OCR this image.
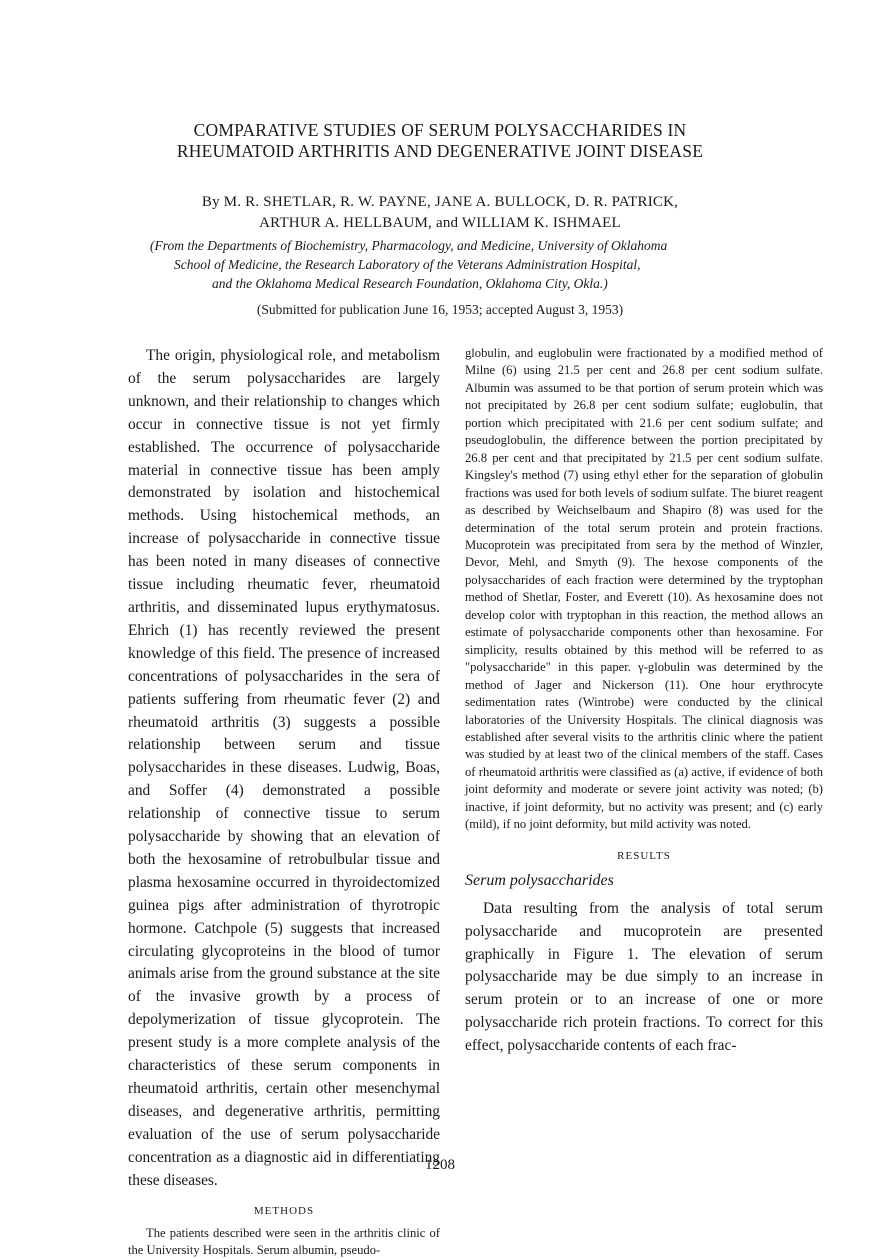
COMPARATIVE STUDIES OF SERUM POLYSACCHARIDES IN RHEUMATOID ARTHRITIS AND DEGENERATIVE JOINT DISEASE
By M. R. SHETLAR, R. W. PAYNE, JANE A. BULLOCK, D. R. PATRICK,
ARTHUR A. HELLBAUM, and WILLIAM K. ISHMAEL
(From the Departments of Biochemistry, Pharmacology, and Medicine, University of Oklahoma
School of Medicine, the Research Laboratory of the Veterans Administration Hospital,
and the Oklahoma Medical Research Foundation, Oklahoma City, Okla.)
(Submitted for publication June 16, 1953; accepted August 3, 1953)

The origin, physiological role, and metabolism of the serum polysaccharides are largely unknown, and their relationship to changes which occur in connective tissue is not yet firmly established. The occurrence of polysaccharide material in connective tissue has been amply demonstrated by isolation and histochemical methods. Using histochemical methods, an increase of polysaccharide in connective tissue has been noted in many diseases of connective tissue including rheumatic fever, rheumatoid arthritis, and disseminated lupus erythymatosus. Ehrich (1) has recently reviewed the present knowledge of this field. The presence of increased concentrations of polysaccharides in the sera of patients suffering from rheumatic fever (2) and rheumatoid arthritis (3) suggests a possible relationship between serum and tissue polysaccharides in these diseases. Ludwig, Boas, and Soffer (4) demonstrated a possible relationship of connective tissue to serum polysaccharide by showing that an elevation of both the hexosamine of retrobulbular tissue and plasma hexosamine occurred in thyroidectomized guinea pigs after administration of thyrotropic hormone. Catchpole (5) suggests that increased circulating glycoproteins in the blood of tumor animals arise from the ground substance at the site of the invasive growth by a process of depolymerization of tissue glycoprotein. The present study is a more complete analysis of the characteristics of these serum components in rheumatoid arthritis, certain other mesenchymal diseases, and degenerative arthritis, permitting evaluation of the use of serum polysaccharide concentration as a diagnostic aid in differentiating these diseases.

METHODS

The patients described were seen in the arthritis clinic of the University Hospitals. Serum albumin, pseudo-

globulin, and euglobulin were fractionated by a modified method of Milne (6) using 21.5 per cent and 26.8 per cent sodium sulfate. Albumin was assumed to be that portion of serum protein which was not precipitated by 26.8 per cent sodium sulfate; euglobulin, that portion which precipitated with 21.6 per cent sodium sulfate; and pseudoglobulin, the difference between the portion precipitated by 26.8 per cent and that precipitated by 21.5 per cent sodium sulfate. Kingsley's method (7) using ethyl ether for the separation of globulin fractions was used for both levels of sodium sulfate. The biuret reagent as described by Weichselbaum and Shapiro (8) was used for the determination of the total serum protein and protein fractions. Mucoprotein was precipitated from sera by the method of Winzler, Devor, Mehl, and Smyth (9). The hexose components of the polysaccharides of each fraction were determined by the tryptophan method of Shetlar, Foster, and Everett (10). As hexosamine does not develop color with tryptophan in this reaction, the method allows an estimate of polysaccharide components other than hexosamine. For simplicity, results obtained by this method will be referred to as "polysaccharide" in this paper. γ-globulin was determined by the method of Jager and Nickerson (11). One hour erythrocyte sedimentation rates (Wintrobe) were conducted by the clinical laboratories of the University Hospitals. The clinical diagnosis was established after several visits to the arthritis clinic where the patient was studied by at least two of the clinical members of the staff. Cases of rheumatoid arthritis were classified as (a) active, if evidence of both joint deformity and moderate or severe joint activity was noted; (b) inactive, if joint deformity, but no activity was present; and (c) early (mild), if no joint deformity, but mild activity was noted.

RESULTS
Serum polysaccharides

Data resulting from the analysis of total serum polysaccharide and mucoprotein are presented graphically in Figure 1. The elevation of serum polysaccharide may be due simply to an increase in serum protein or to an increase of one or more polysaccharide rich protein fractions. To correct for this effect, polysaccharide contents of each frac-

1208
